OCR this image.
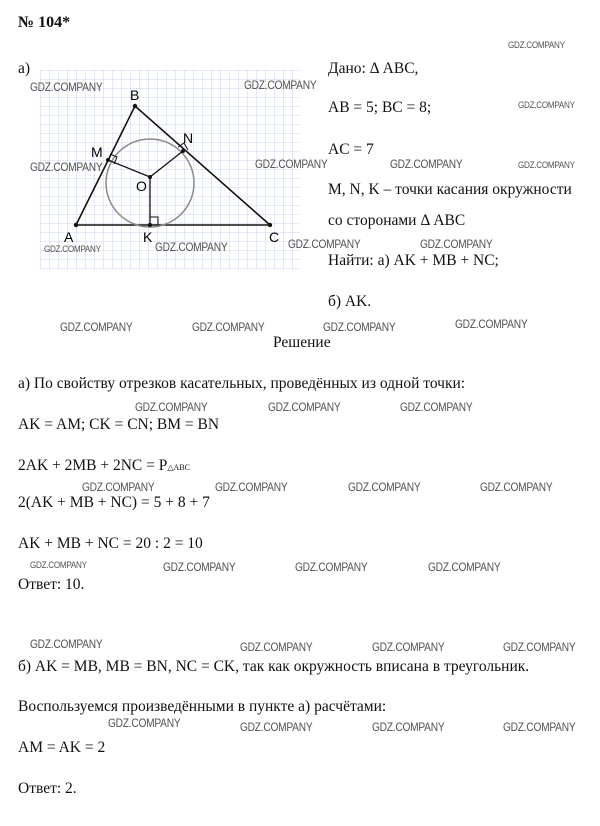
№ 104*
а)
A
B
C
M
N
K
O
Дано: Δ ABC,
AB = 5; BC = 8;
AC = 7
M, N, K – точки касания окружности
со сторонами Δ ABC
Найти: а) AK + MB + NC;
б) AK.
Решение
а) По свойству отрезков касательных, проведённых из одной точки:
AK = AM; CK = CN; BM = BN
2AK + 2MB + 2NC = P△ABC
2(AK + MB + NC) = 5 + 8 + 7
AK + MB + NC = 20 : 2 = 10
Ответ: 10.
б) AK = MB, MB = BN, NC = CK, так как окружность вписана в треугольник.
Воспользуемся произведёнными в пункте а) расчётами:
AM = AK = 2
Ответ: 2.
GDZ.COMPANY
GDZ.COMPANY	GDZ.COMPANY
GDZ.COMPANY
GDZ.COMPANY	GDZ.COMPANY	GDZ.COMPANY	GDZ.COMPANY
GDZ.COMPANY	GDZ.COMPANY	GDZ.COMPANY	GDZ.COMPANY
GDZ.COMPANY	GDZ.COMPANY	GDZ.COMPANY	GDZ.COMPANY
GDZ.COMPANY	GDZ.COMPANY	GDZ.COMPANY
GDZ.COMPANY	GDZ.COMPANY	GDZ.COMPANY	GDZ.COMPANY
GDZ.COMPANY	GDZ.COMPANY	GDZ.COMPANY	GDZ.COMPANY
GDZ.COMPANY	GDZ.COMPANY	GDZ.COMPANY	GDZ.COMPANY
GDZ.COMPANY	GDZ.COMPANY	GDZ.COMPANY	GDZ.COMPANY
